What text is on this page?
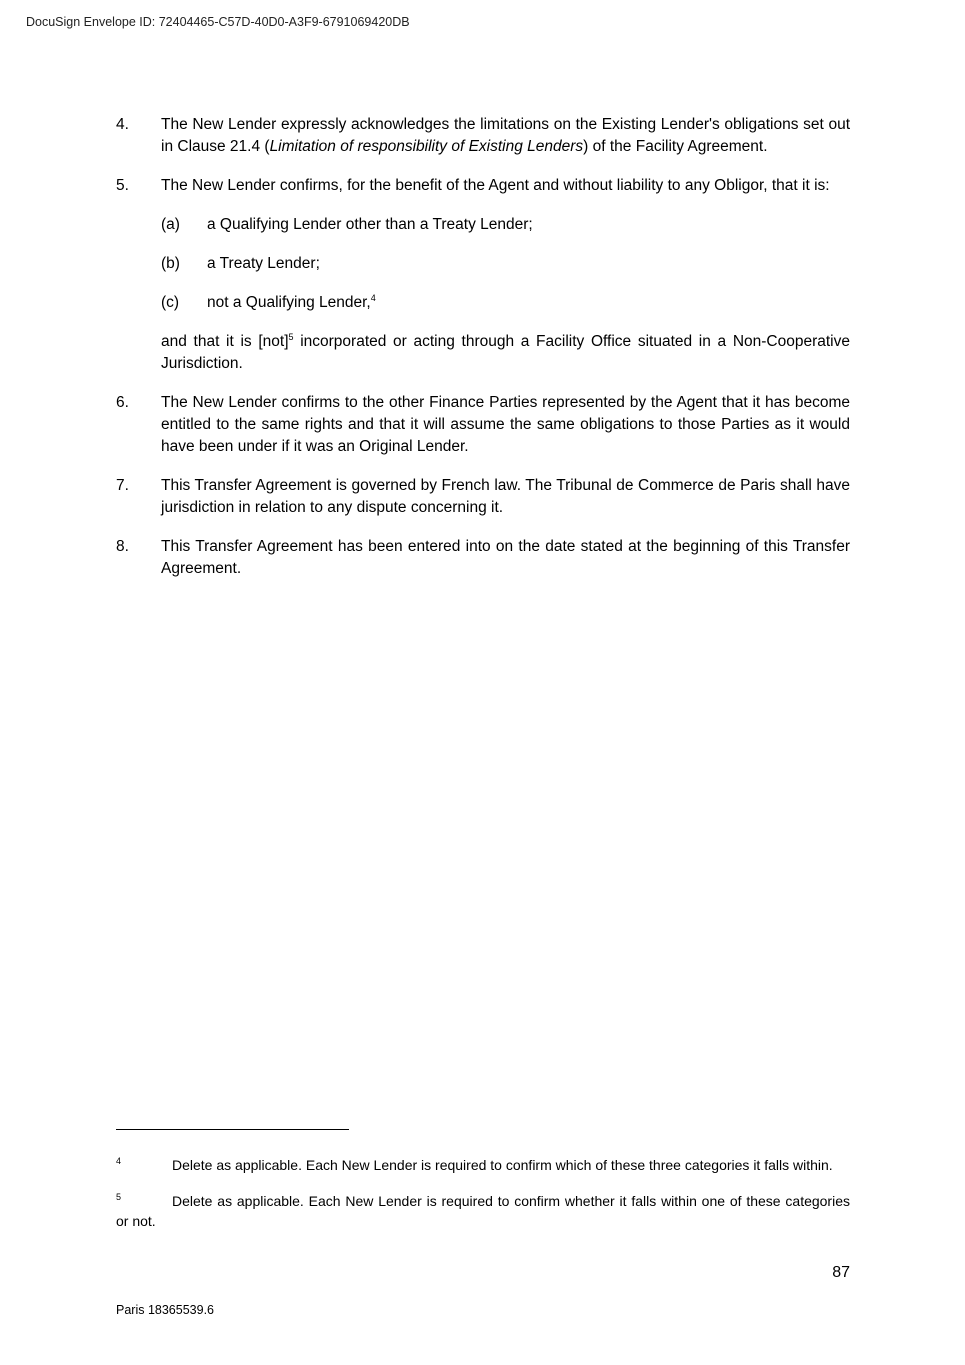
DocuSign Envelope ID: 72404465-C57D-40D0-A3F9-6791069420DB
4.	The New Lender expressly acknowledges the limitations on the Existing Lender's obligations set out in Clause 21.4 (Limitation of responsibility of Existing Lenders) of the Facility Agreement.
5.	The New Lender confirms, for the benefit of the Agent and without liability to any Obligor, that it is:
(a)	a Qualifying Lender other than a Treaty Lender;
(b)	a Treaty Lender;
(c)	not a Qualifying Lender,$^4$
and that it is [not]$^5$ incorporated or acting through a Facility Office situated in a Non-Cooperative Jurisdiction.
6.	The New Lender confirms to the other Finance Parties represented by the Agent that it has become entitled to the same rights and that it will assume the same obligations to those Parties as it would have been under if it was an Original Lender.
7.	This Transfer Agreement is governed by French law. The Tribunal de Commerce de Paris shall have jurisdiction in relation to any dispute concerning it.
8.	This Transfer Agreement has been entered into on the date stated at the beginning of this Transfer Agreement.
4	Delete as applicable. Each New Lender is required to confirm which of these three categories it falls within.
5	Delete as applicable. Each New Lender is required to confirm whether it falls within one of these categories or not.
87
Paris 18365539.6
